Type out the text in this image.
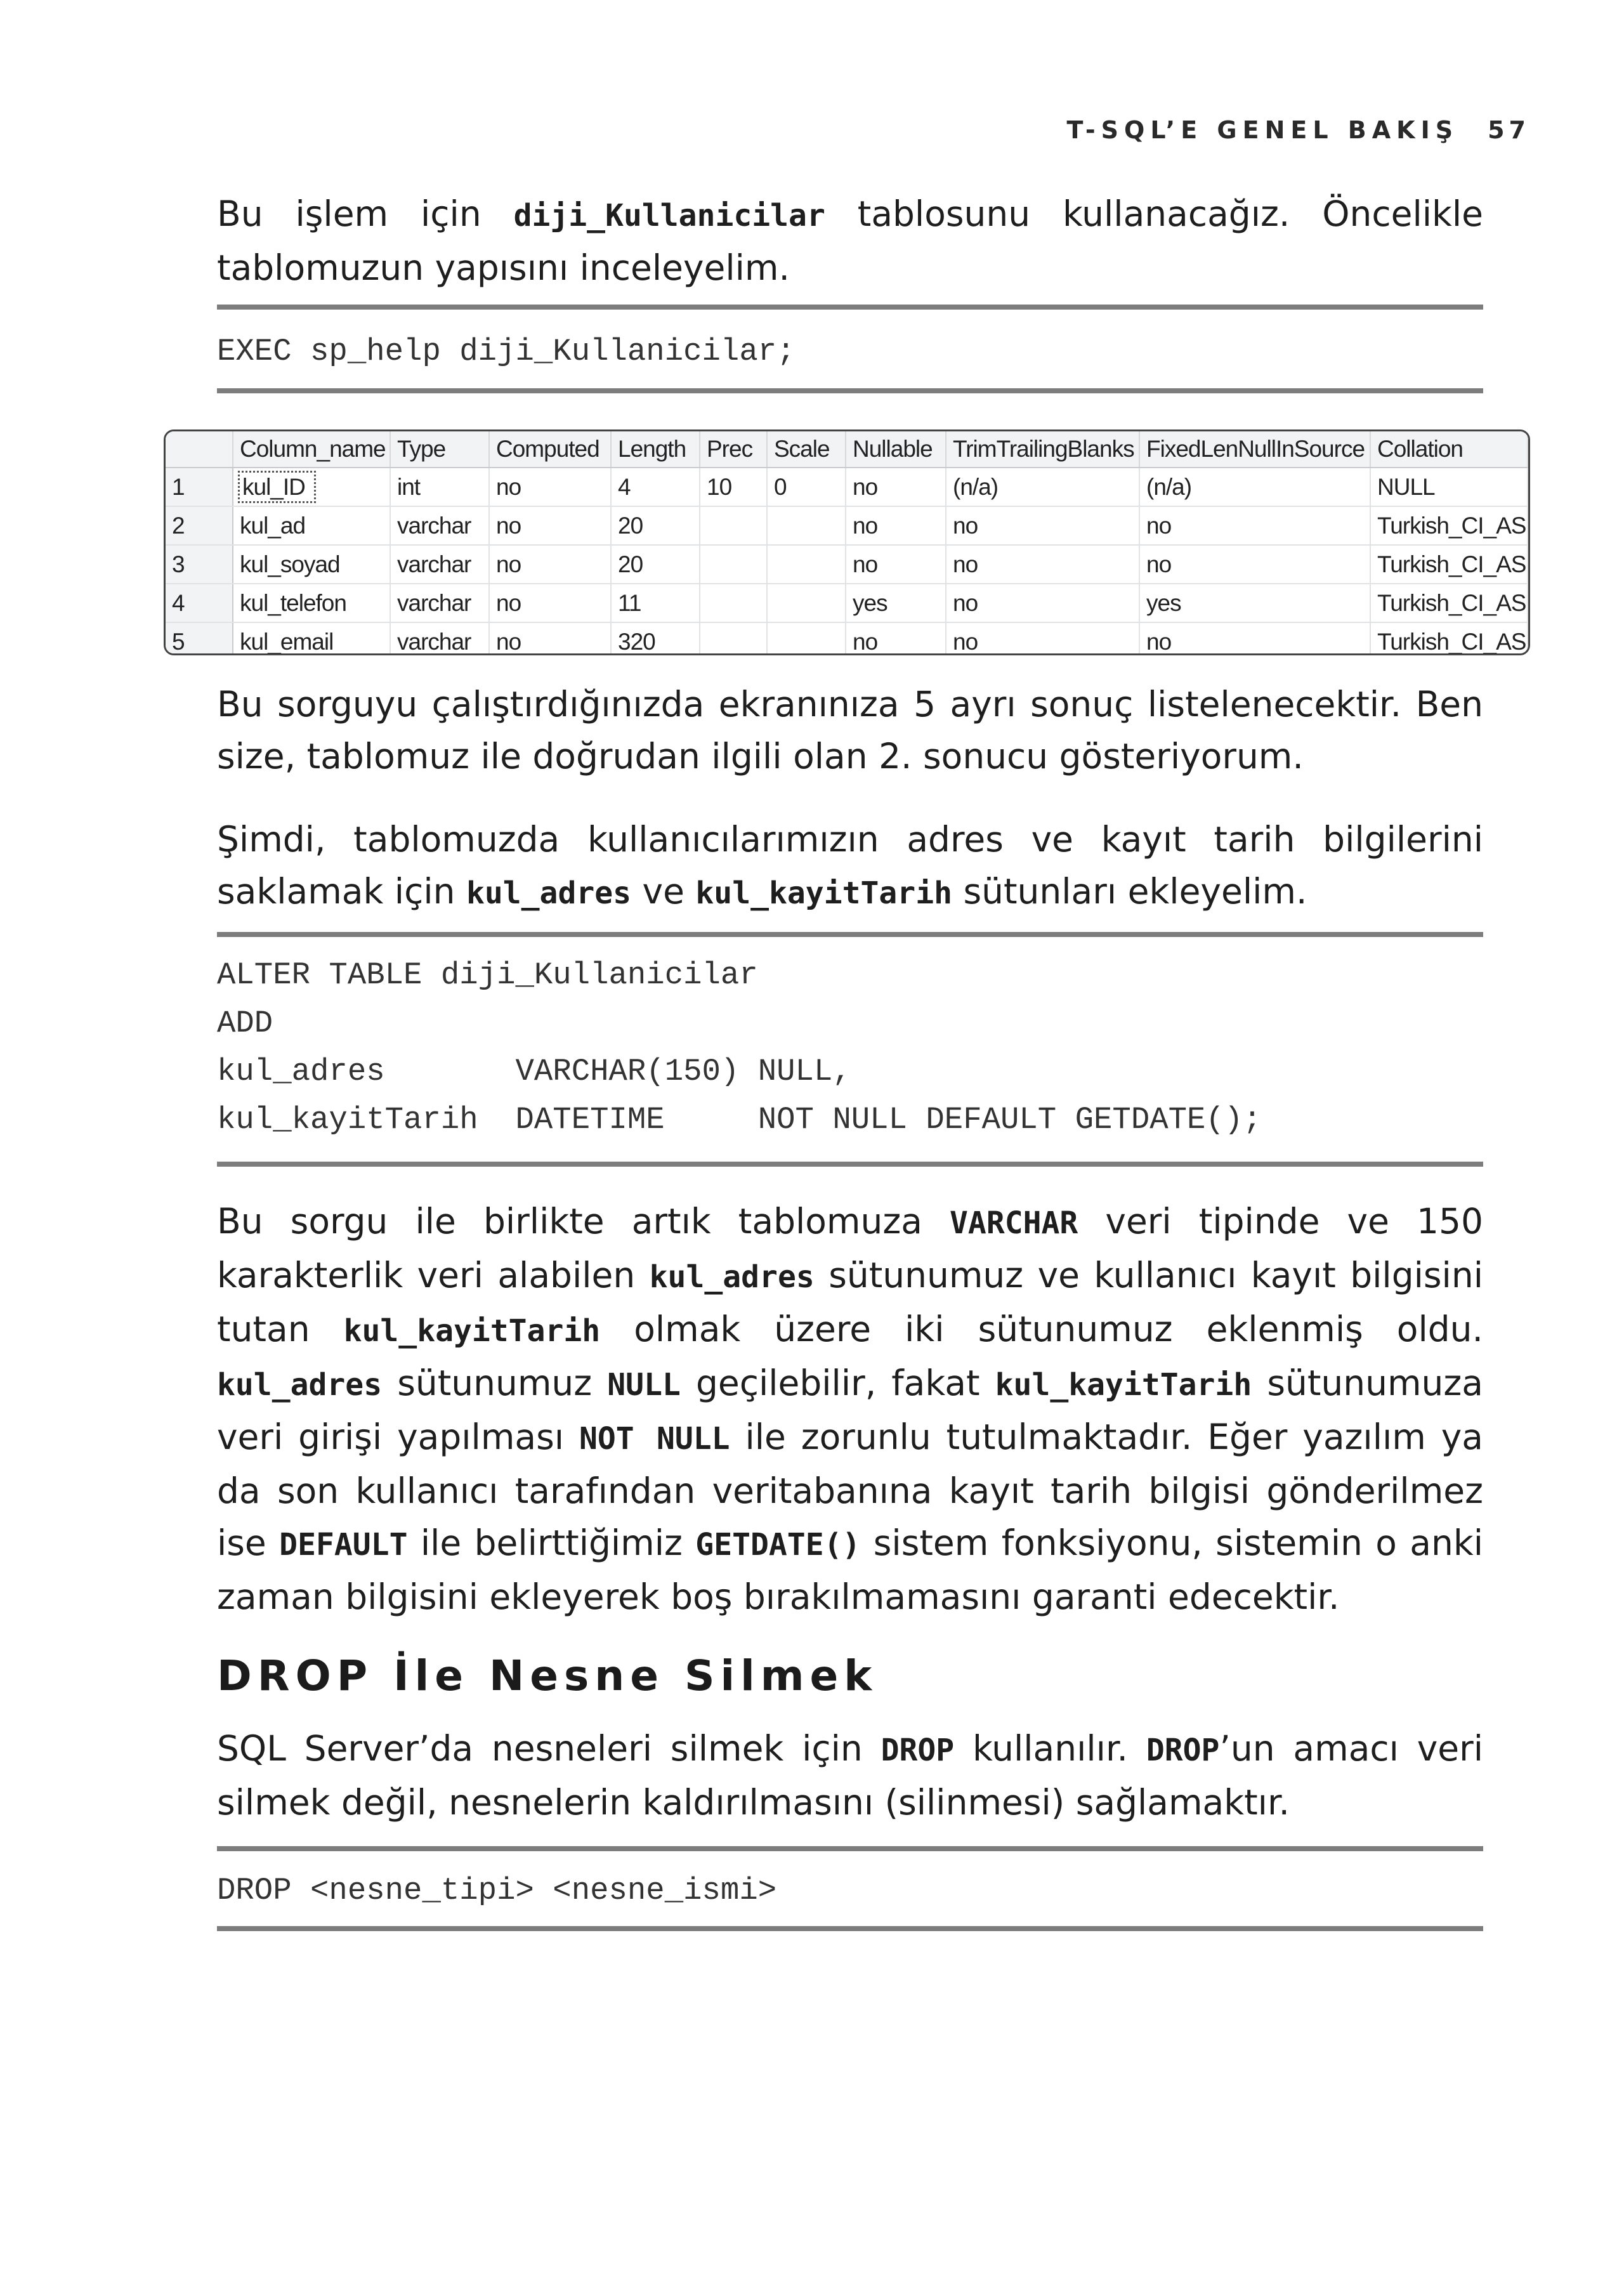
T-SQL’E GENEL BAKIŞ 57

Bu işlem için diji_Kullanicilar tablosunu kullanacağız. Öncelikle tablomuzun yapısını inceleyelim.

EXEC sp_help diji_Kullanicilar;
	Column_name	Type	Computed	Length	Prec	Scale	Nullable	TrimTrailingBlanks	FixedLenNullInSource	Collation
1	kul_ID	int	no	4	10	0	no	(n/a)	(n/a)	NULL
2	kul_ad	varchar	no	20			no	no	no	Turkish_CI_AS
3	kul_soyad	varchar	no	20			no	no	no	Turkish_CI_AS
4	kul_telefon	varchar	no	11			yes	no	yes	Turkish_CI_AS
5	kul_email	varchar	no	320			no	no	no	Turkish_CI_AS

Bu sorguyu çalıştırdığınızda ekranınıza 5 ayrı sonuç listelenecektir. Ben size, tablomuz ile doğrudan ilgili olan 2. sonucu gösteriyorum.

Şimdi, tablomuzda kullanıcılarımızın adres ve kayıt tarih bilgilerini saklamak için kul_adres ve kul_kayitTarih sütunları ekleyelim.

ALTER TABLE diji_Kullanicilar
ADD
kul_adres       VARCHAR(150) NULL,
kul_kayitTarih  DATETIME     NOT NULL DEFAULT GETDATE();

Bu sorgu ile birlikte artık tablomuza VARCHAR veri tipinde ve 150 karakterlik veri alabilen kul_adres sütunumuz ve kullanıcı kayıt bilgisini tutan kul_kayitTarih olmak üzere iki sütunumuz eklenmiş oldu. kul_adres sütunumuz NULL geçilebilir, fakat kul_kayitTarih sütunumuza veri girişi yapılması NOT NULL ile zorunlu tutulmaktadır. Eğer yazılım ya da son kullanıcı tarafından veritabanına kayıt tarih bilgisi gönderilmez ise DEFAULT ile belirttiğimiz GETDATE() sistem fonksiyonu, sistemin o anki zaman bilgisini ekleyerek boş bırakılmamasını garanti edecektir.

DROP İle Nesne Silmek

SQL Server’da nesneleri silmek için DROP kullanılır. DROP’un amacı veri silmek değil, nesnelerin kaldırılmasını (silinmesi) sağlamaktır.

DROP <nesne_tipi> <nesne_ismi>
